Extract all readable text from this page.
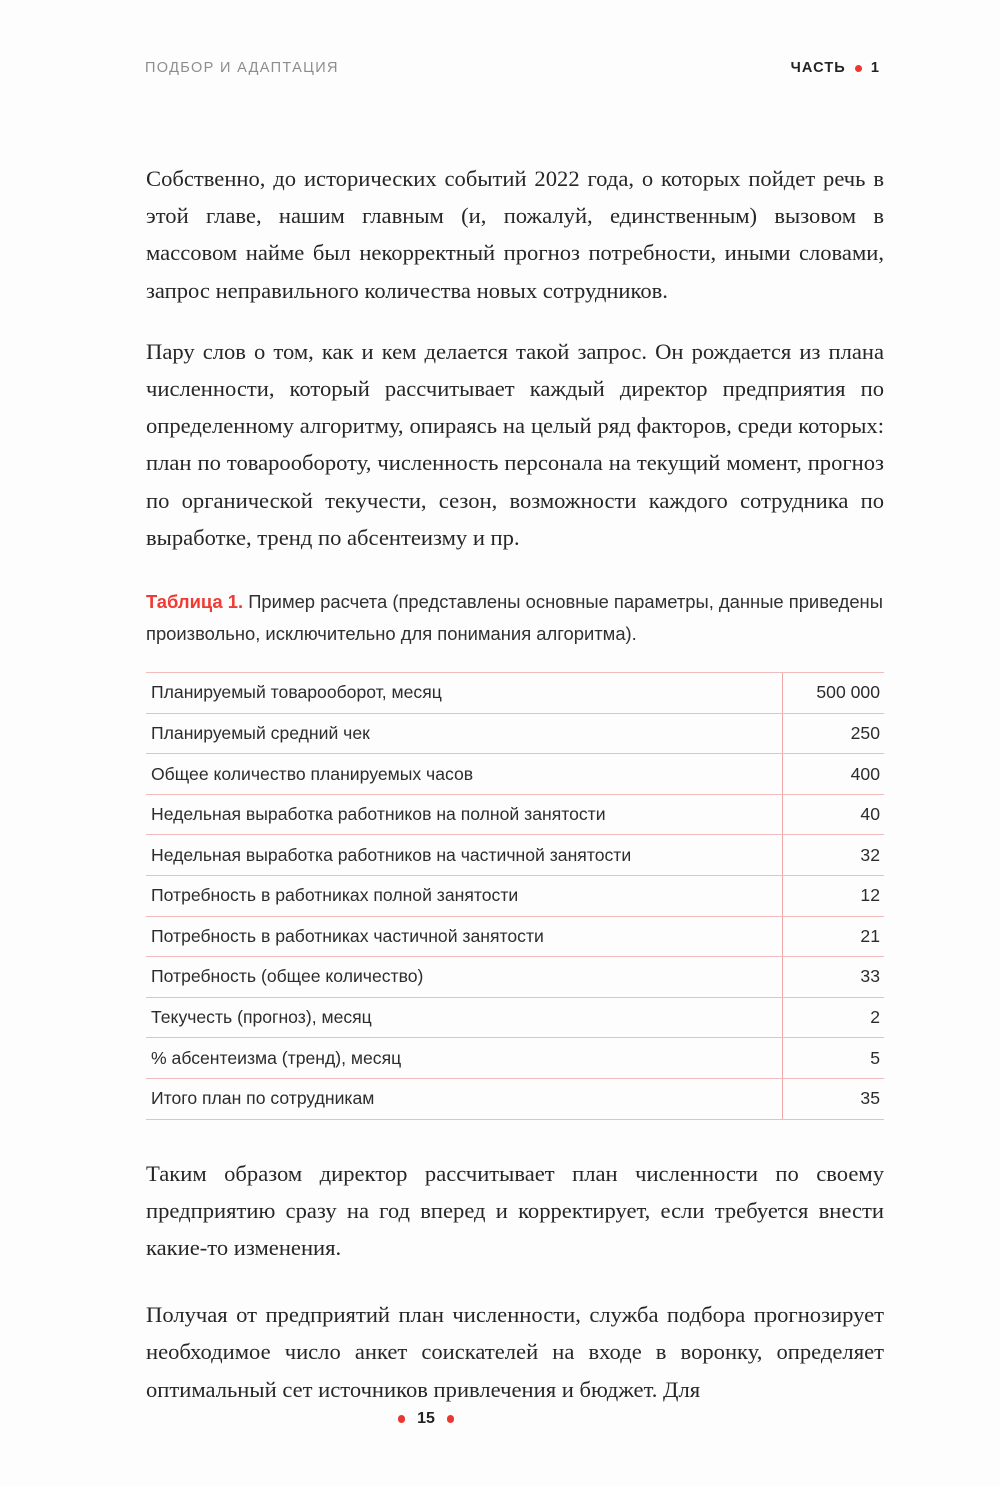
ПОДБОР И АДАПТАЦИЯ	ЧАСТЬ 1

Собственно, до исторических событий 2022 года, о которых пойдет речь в этой главе, нашим главным (и, пожалуй, единственным) вызовом в массовом найме был некорректный прогноз потребности, иными словами, запрос неправильного количества новых сотрудников.

Пару слов о том, как и кем делается такой запрос. Он рождается из плана численности, который рассчитывает каждый директор предприятия по определенному алгоритму, опираясь на целый ряд факторов, среди которых: план по товарообороту, численность персонала на текущий момент, прогноз по органической текучести, сезон, возможности каждого сотрудника по выработке, тренд по абсентеизму и пр.

Таблица 1. Пример расчета (представлены основные параметры, данные приведены произвольно, исключительно для понимания алгоритма).

Планируемый товарооборот, месяц	500 000
Планируемый средний чек	250
Общее количество планируемых часов	400
Недельная выработка работников на полной занятости	40
Недельная выработка работников на частичной занятости	32
Потребность в работниках полной занятости	12
Потребность в работниках частичной занятости	21
Потребность (общее количество)	33
Текучесть (прогноз), месяц	2
% абсентеизма (тренд), месяц	5
Итого план по сотрудникам	35

Таким образом директор рассчитывает план численности по своему предприятию сразу на год вперед и корректирует, если требуется внести какие-то изменения.

Получая от предприятий план численности, служба подбора прогнозирует необходимое число анкет соискателей на входе в воронку, определяет оптимальный сет источников привлечения и бюджет. Для

15
